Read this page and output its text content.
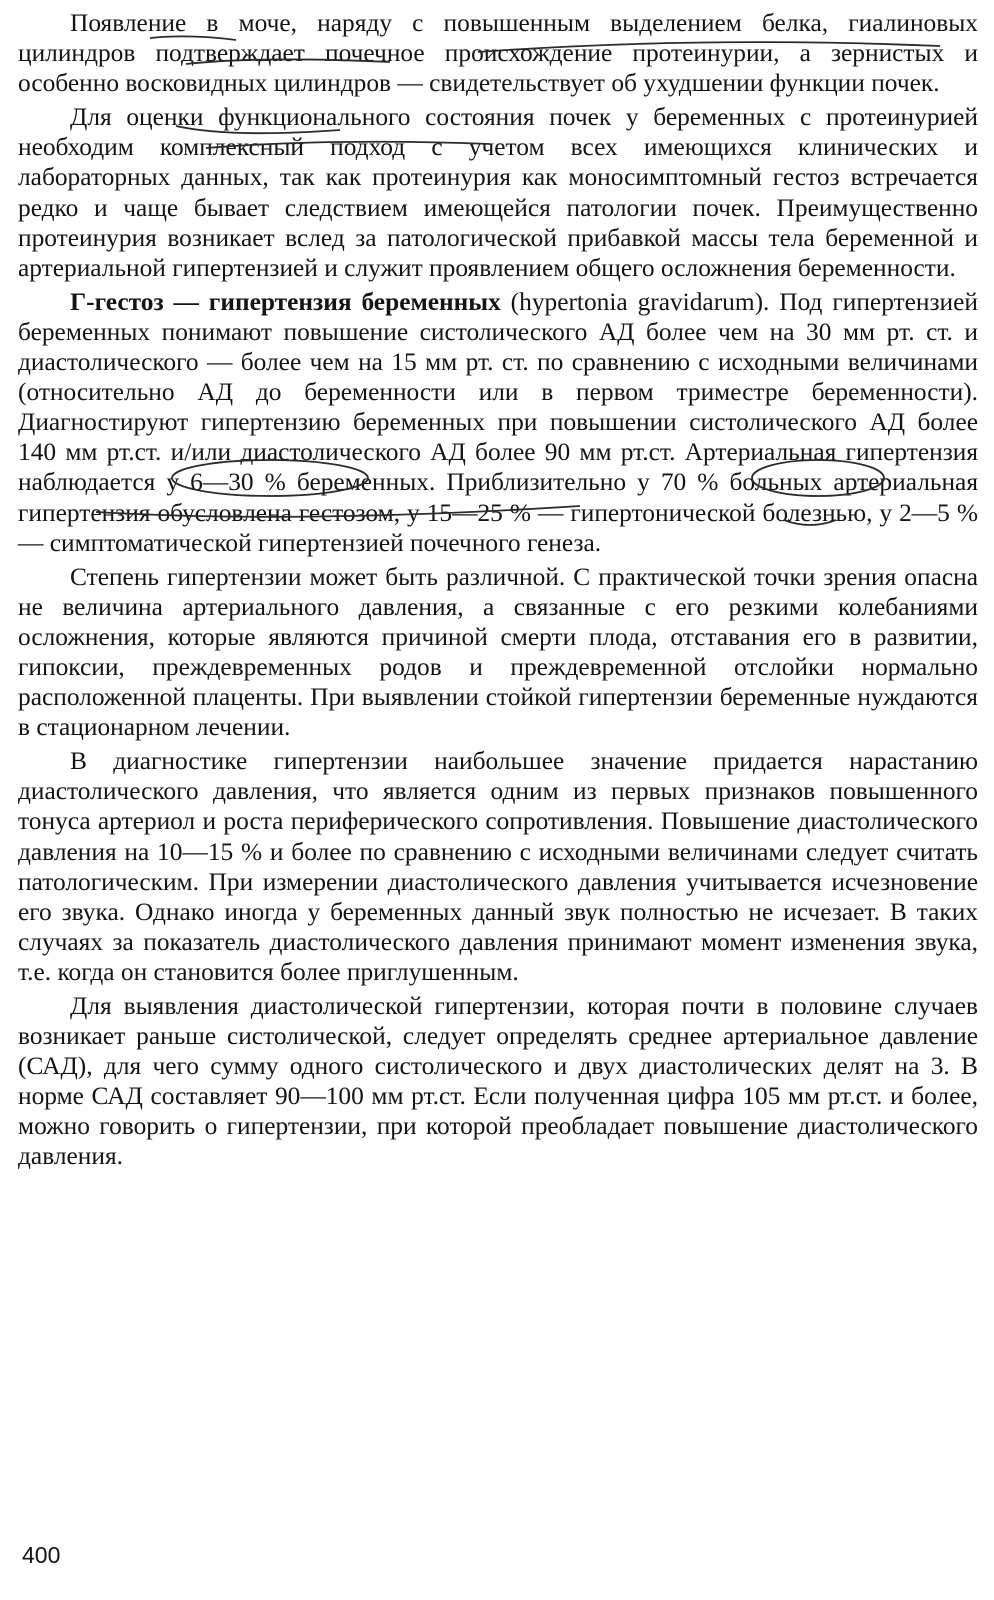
Появление в моче, наряду с повышенным выделением белка, гиалиновых цилиндров подтверждает почечное происхождение протеинурии, а зернистых и особенно восковидных цилиндров — свидетельствует об ухудшении функции почек.

Для оценки функционального состояния почек у беременных с протеинурией необходим комплексный подход с учетом всех имеющихся клинических и лабораторных данных, так как протеинурия как моносимптомный гестоз встречается редко и чаще бывает следствием имеющейся патологии почек. Преимущественно протеинурия возникает вслед за патологической прибавкой массы тела беременной и артериальной гипертензией и служит проявлением общего осложнения беременности.

Г-гестоз — гипертензия беременных (hypertonia gravidarum). Под гипертензией беременных понимают повышение систолического АД более чем на 30 мм рт. ст. и диастолического — более чем на 15 мм рт. ст. по сравнению с исходными величинами (относительно АД до беременности или в первом триместре беременности). Диагностируют гипертензию беременных при повышении систолического АД более 140 мм рт.ст. и/или диастолического АД более 90 мм рт.ст. Артериальная гипертензия наблюдается у 6—30 % беременных. Приблизительно у 70 % больных артериальная гипертензия обусловлена гестозом, у 15—25 % — гипертонической болезнью, у 2—5 % — симптоматической гипертензией почечного генеза.

Степень гипертензии может быть различной. С практической точки зрения опасна не величина артериального давления, а связанные с его резкими колебаниями осложнения, которые являются причиной смерти плода, отставания его в развитии, гипоксии, преждевременных родов и преждевременной отслойки нормально расположенной плаценты. При выявлении стойкой гипертензии беременные нуждаются в стационарном лечении.

В диагностике гипертензии наибольшее значение придается нарастанию диастолического давления, что является одним из первых признаков повышенного тонуса артериол и роста периферического сопротивления. Повышение диастолического давления на 10—15 % и более по сравнению с исходными величинами следует считать патологическим. При измерении диастолического давления учитывается исчезновение его звука. Однако иногда у беременных данный звук полностью не исчезает. В таких случаях за показатель диастолического давления принимают момент изменения звука, т.е. когда он становится более приглушенным.

Для выявления диастолической гипертензии, которая почти в половине случаев возникает раньше систолической, следует определять среднее артериальное давление (САД), для чего сумму одного систолического и двух диастолических делят на 3. В норме САД составляет 90—100 мм рт.ст. Если полученная цифра 105 мм рт.ст. и более, можно говорить о гипертензии, при которой преобладает повышение диастолического давления.

400
